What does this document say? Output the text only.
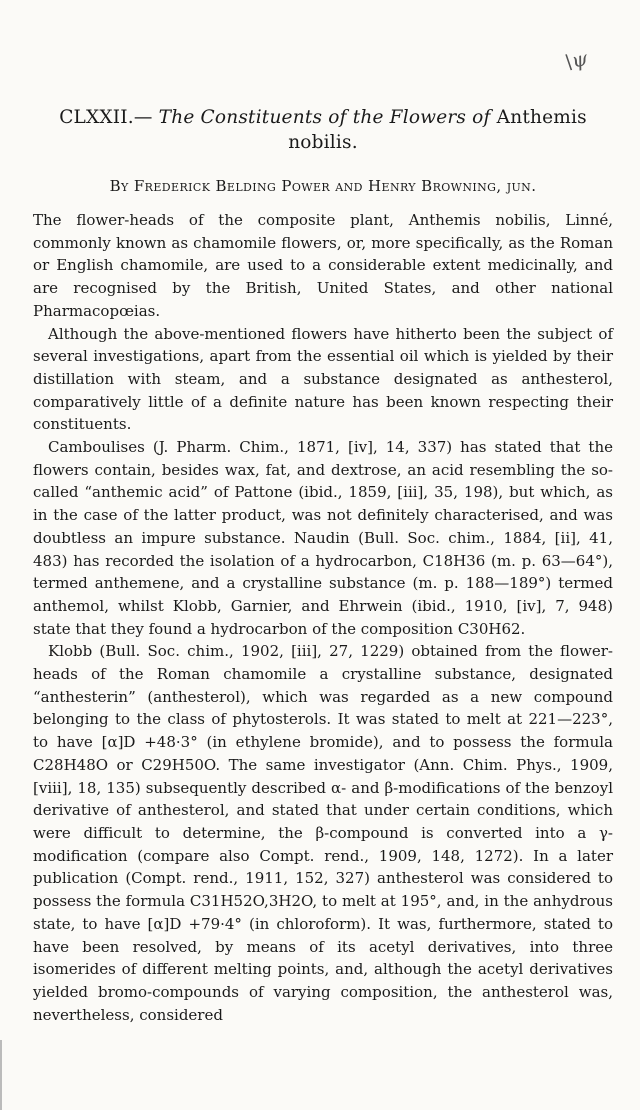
\ψ
CLXXII.— The Constituents of the Flowers of Anthemis
nobilis.
By Frederick Belding Power and Henry Browning, jun.

The flower-heads of the composite plant, Anthemis nobilis, Linné, commonly known as chamomile flowers, or, more specifically, as the Roman or English chamomile, are used to a considerable extent medicinally, and are recognised by the British, United States, and other national Pharmacopœias.

Although the above-mentioned flowers have hitherto been the subject of several investigations, apart from the essential oil which is yielded by their distillation with steam, and a substance designated as anthesterol, comparatively little of a definite nature has been known respecting their constituents.

Camboulises (J. Pharm. Chim., 1871, [iv], 14, 337) has stated that the flowers contain, besides wax, fat, and dextrose, an acid resembling the so-called “anthemic acid” of Pattone (ibid., 1859, [iii], 35, 198), but which, as in the case of the latter product, was not definitely characterised, and was doubtless an impure substance. Naudin (Bull. Soc. chim., 1884, [ii], 41, 483) has recorded the isolation of a hydrocarbon, C18H36 (m. p. 63—64°), termed anthemene, and a crystalline substance (m. p. 188—189°) termed anthemol, whilst Klobb, Garnier, and Ehrwein (ibid., 1910, [iv], 7, 948) state that they found a hydrocarbon of the composition C30H62.

Klobb (Bull. Soc. chim., 1902, [iii], 27, 1229) obtained from the flower-heads of the Roman chamomile a crystalline substance, designated “anthesterin” (anthesterol), which was regarded as a new compound belonging to the class of phytosterols. It was stated to melt at 221—223°, to have [α]D +48·3° (in ethylene bromide), and to possess the formula C28H48O or C29H50O. The same investigator (Ann. Chim. Phys., 1909, [viii], 18, 135) subsequently described α- and β-modifications of the benzoyl derivative of anthesterol, and stated that under certain conditions, which were difficult to determine, the β-compound is converted into a γ-modification (compare also Compt. rend., 1909, 148, 1272). In a later publication (Compt. rend., 1911, 152, 327) anthesterol was considered to possess the formula C31H52O,3H2O, to melt at 195°, and, in the anhydrous state, to have [α]D +79·4° (in chloroform). It was, furthermore, stated to have been resolved, by means of its acetyl derivatives, into three isomerides of different melting points, and, although the acetyl derivatives yielded bromo-compounds of varying composition, the anthesterol was, nevertheless, considered
